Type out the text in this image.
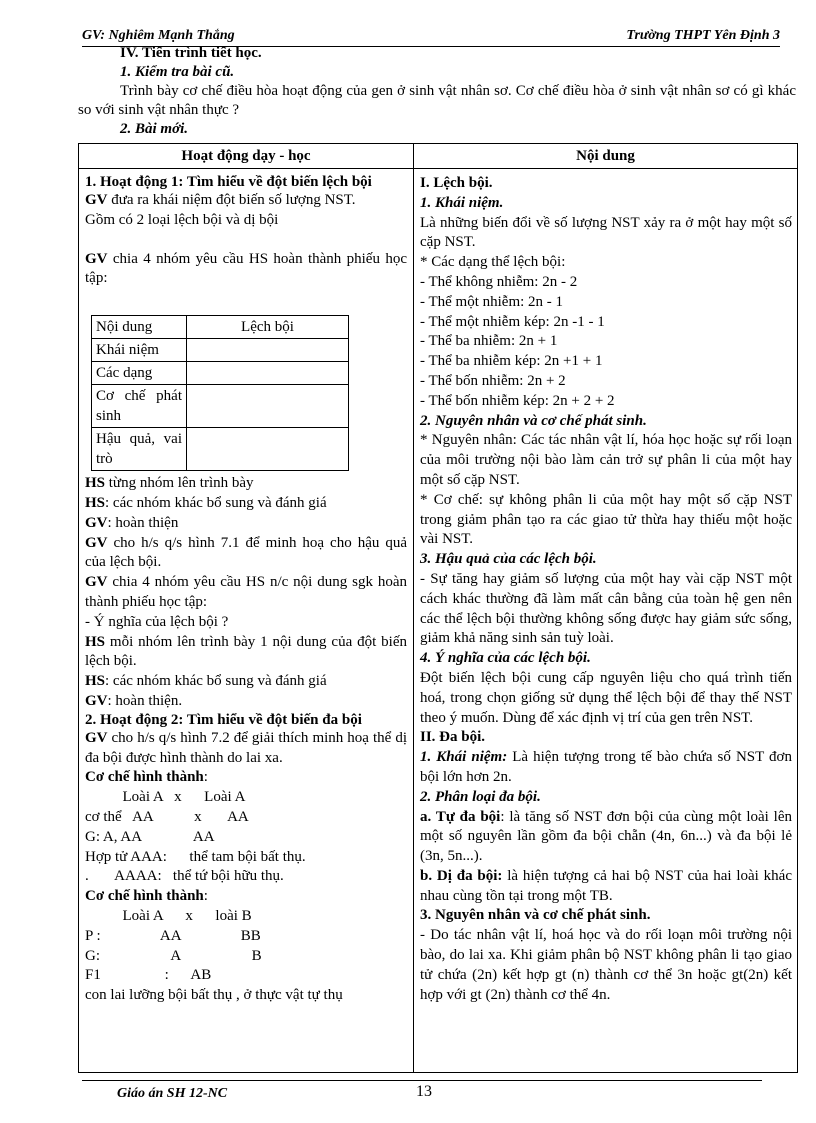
GV: Nghiêm Mạnh Thắng	Trường THPT Yên Định 3

IV. Tiến trình tiết học.

1. Kiểm tra bài cũ.

Trình bày cơ chế điều hòa hoạt động của gen ở sinh vật nhân sơ. Cơ chế điều hòa ở sinh vật nhân sơ có gì khác so với sinh vật nhân thực ?

2. Bài mới.

Hoạt động dạy - học	Nội dung

1. Hoạt động 1: Tìm hiểu về đột biến lệch bội

GV đưa ra khái niệm đột biến số lượng NST.

Gồm có 2 loại lệch bội và dị bội

GV chia 4 nhóm yêu cầu HS hoàn thành phiếu học tập:

Nội dung	Lệch bội
Khái niệm	
Các dạng	
Cơ chế phát sinh	
Hậu quả, vai trò	

HS từng nhóm lên trình bày

HS: các nhóm khác bổ sung và đánh giá

GV: hoàn thiện

GV cho h/s q/s hình 7.1 để minh hoạ cho hậu quả của lệch bội.

GV chia 4 nhóm yêu cầu HS n/c nội dung sgk hoàn thành phiếu học tập:

- Ý nghĩa của lệch bội ?

HS mỗi nhóm lên trình bày 1 nội dung của đột biến lệch bội.

HS: các nhóm khác bổ sung và đánh giá

GV: hoàn thiện.

2. Hoạt động 2: Tìm hiểu về đột biến đa bội

GV cho h/s q/s hình 7.2 để giải thích minh hoạ thể dị đa bội được hình thành do lai xa.

Cơ chế hình thành:

Loài A   x      Loài A

cơ thể   AA           x       AA

G: A, AA              AA

Hợp tử AAA:      thể tam bội bất thụ.

.       AAAA:   thể tứ bội hữu thụ.

Cơ chế hình thành:

Loài A      x      loài B

P :                AA                BB

G:                   A                   B

F1                 :      AB

con lai lưỡng bội bất thụ , ở thực vật tự thụ

I. Lệch bội.

1. Khái niệm.

Là những biến đổi về số lượng NST xảy ra ở một hay một số cặp NST.

* Các dạng thể lệch bội:

- Thể không nhiễm: 2n - 2

- Thể một nhiễm: 2n - 1

- Thể một nhiễm kép: 2n -1 - 1

- Thể ba nhiễm: 2n + 1

- Thể ba nhiễm kép: 2n +1 + 1

- Thể bốn nhiễm: 2n + 2

- Thể bốn nhiễm kép: 2n + 2 + 2

2. Nguyên nhân và cơ chế phát sinh.

* Nguyên nhân: Các tác nhân vật lí, hóa học hoặc sự rối loạn của môi trường nội bào làm cản trở sự phân li của một hay một số cặp NST.

* Cơ chế: sự không phân li của một hay một số cặp NST trong giảm phân tạo ra các giao tử thừa hay thiếu một hoặc vài NST.

3. Hậu quả của các lệch bội.

- Sự tăng hay giảm số lượng của một hay vài cặp NST một cách khác thường đã làm mất cân bằng của toàn hệ gen nên các thể lệch bội thường không sống được hay giảm sức sống, giảm khả năng sinh sản tuỳ loài.

4. Ý nghĩa của các lệch bội.

Đột biến lệch bội cung cấp nguyên liệu cho quá trình tiến hoá, trong chọn giống sử dụng thể lệch bội để thay thế NST theo ý muốn. Dùng để xác định vị trí của gen trên NST.

II. Đa bội.

1. Khái niệm: Là hiện tượng trong tế bào chứa số NST đơn bội lớn hơn 2n.

2. Phân loại đa bội.

a. Tự đa bội: là tăng số NST đơn bội của cùng một loài lên một số nguyên lần gồm đa bội chẵn (4n, 6n...) và đa bội lẻ (3n, 5n...).

b. Dị đa bội: là hiện tượng cả hai bộ NST của hai loài khác nhau cùng tồn tại trong một TB.

3. Nguyên nhân và cơ chế phát sinh.

- Do tác nhân vật lí, hoá học và do rối loạn môi trường nội bào, do lai xa. Khi giảm phân bộ NST không phân li tạo giao tử chứa (2n) kết hợp gt (n) thành cơ thể 3n hoặc gt(2n) kết hợp với gt (2n) thành cơ thể 4n.

Giáo án SH 12-NC	13
